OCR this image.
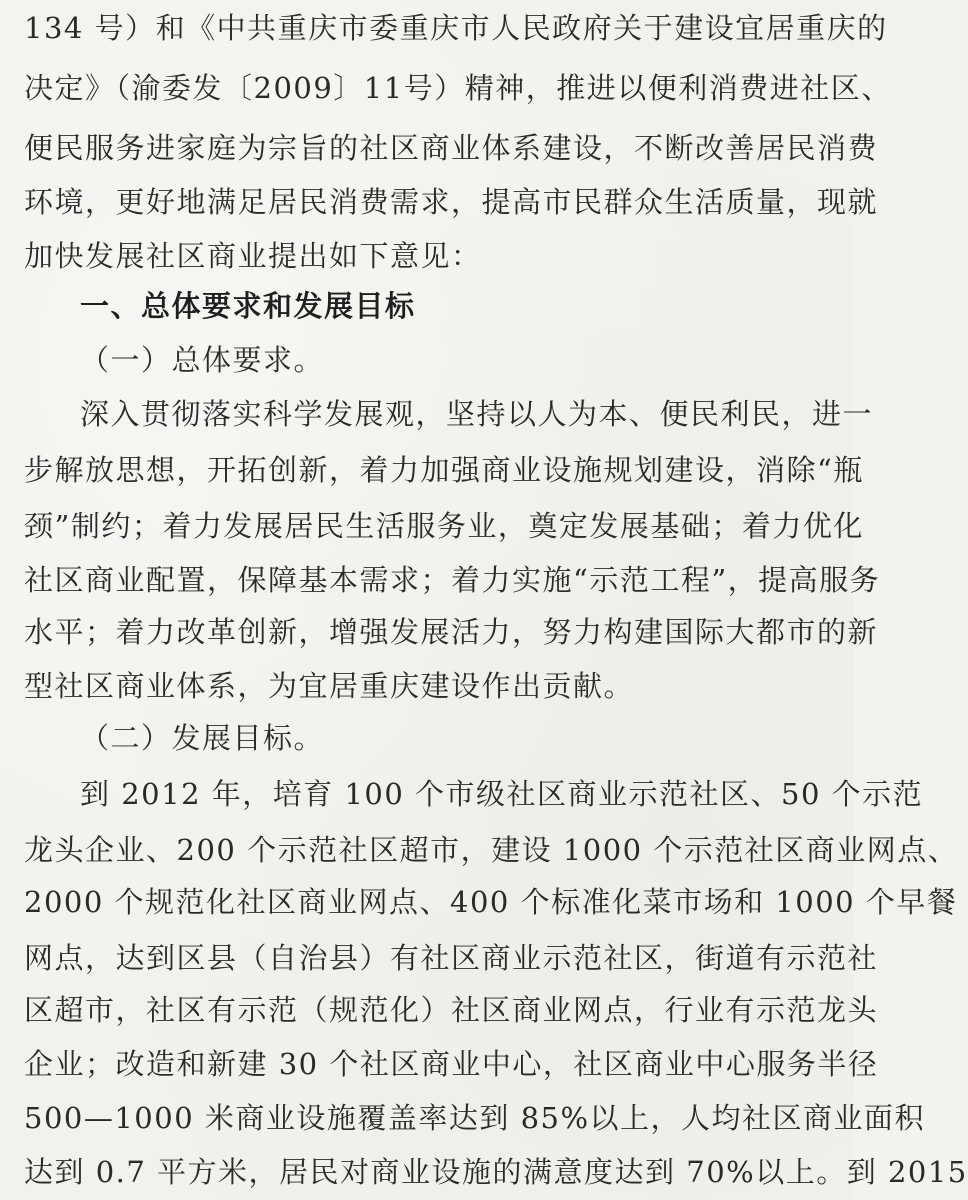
134 号）和《中共重庆市委重庆市人民政府关于建设宜居重庆的
决定》（渝委发〔2009〕11号）精神，推进以便利消费进社区、
便民服务进家庭为宗旨的社区商业体系建设，不断改善居民消费
环境，更好地满足居民消费需求，提高市民群众生活质量，现就
加快发展社区商业提出如下意见：
一、总体要求和发展目标
（一）总体要求。
深入贯彻落实科学发展观，坚持以人为本、便民利民，进一
步解放思想，开拓创新，着力加强商业设施规划建设，消除“瓶
颈”制约；着力发展居民生活服务业，奠定发展基础；着力优化
社区商业配置，保障基本需求；着力实施“示范工程”，提高服务
水平；着力改革创新，增强发展活力，努力构建国际大都市的新
型社区商业体系，为宜居重庆建设作出贡献。
（二）发展目标。
到 2012 年，培育 100 个市级社区商业示范社区、50 个示范
龙头企业、200 个示范社区超市，建设 1000 个示范社区商业网点、
2000 个规范化社区商业网点、400 个标准化菜市场和 1000 个早餐
网点，达到区县（自治县）有社区商业示范社区，街道有示范社
区超市，社区有示范（规范化）社区商业网点，行业有示范龙头
企业；改造和新建 30 个社区商业中心，社区商业中心服务半径
500—1000 米商业设施覆盖率达到 85%以上，人均社区商业面积
达到 0.7 平方米，居民对商业设施的满意度达到 70%以上。到 2015
